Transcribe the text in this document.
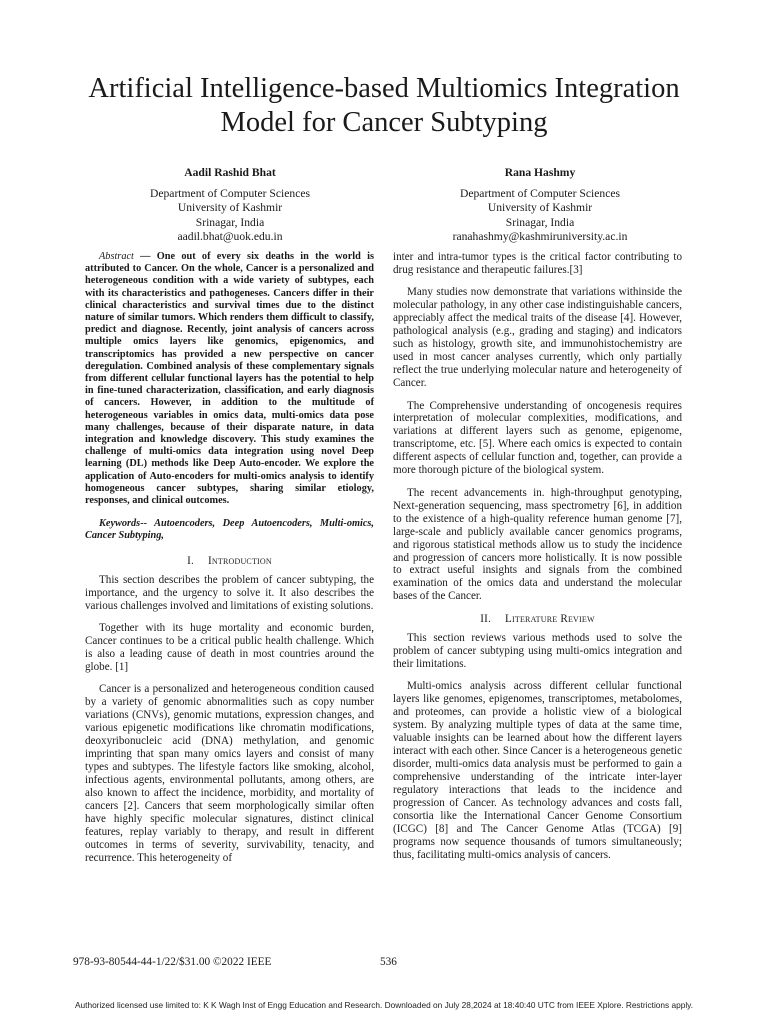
Artificial Intelligence-based Multiomics Integration
Model for Cancer Subtyping
Aadil Rashid Bhat
Department of Computer Sciences
University of Kashmir
Srinagar, India
aadil.bhat@uok.edu.in
Rana Hashmy
Department of Computer Sciences
University of Kashmir
Srinagar, India
ranahashmy@kashmiruniversity.ac.in

Abstract — One out of every six deaths in the world is attributed to Cancer. On the whole, Cancer is a personalized and heterogeneous condition with a wide variety of subtypes, each with its characteristics and pathogeneses. Cancers differ in their clinical characteristics and survival times due to the distinct nature of similar tumors. Which renders them difficult to classify, predict and diagnose. Recently, joint analysis of cancers across multiple omics layers like genomics, epigenomics, and transcriptomics has provided a new perspective on cancer deregulation. Combined analysis of these complementary signals from different cellular functional layers has the potential to help in fine-tuned characterization, classification, and early diagnosis of cancers. However, in addition to the multitude of heterogeneous variables in omics data, multi-omics data pose many challenges, because of their disparate nature, in data integration and knowledge discovery. This study examines the challenge of multi-omics data integration using novel Deep learning (DL) methods like Deep Auto-encoder. We explore the application of Auto-encoders for multi-omics analysis to identify homogeneous cancer subtypes, sharing similar etiology, responses, and clinical outcomes.

Keywords-- Autoencoders, Deep Autoencoders, Multi-omics, Cancer Subtyping,

I. Introduction

This section describes the problem of cancer subtyping, the importance, and the urgency to solve it. It also describes the various challenges involved and limitations of existing solutions.

Together with its huge mortality and economic burden, Cancer continues to be a critical public health challenge. Which is also a leading cause of death in most countries around the globe. [1]

Cancer is a personalized and heterogeneous condition caused by a variety of genomic abnormalities such as copy number variations (CNVs), genomic mutations, expression changes, and various epigenetic modifications like chromatin modifications, deoxyribonucleic acid (DNA) methylation, and genomic imprinting that span many omics layers and consist of many types and subtypes. The lifestyle factors like smoking, alcohol, infectious agents, environmental pollutants, among others, are also known to affect the incidence, morbidity, and mortality of cancers [2]. Cancers that seem morphologically similar often have highly specific molecular signatures, distinct clinical features, replay variably to therapy, and result in different outcomes in terms of severity, survivability, tenacity, and recurrence. This heterogeneity of

inter and intra-tumor types is the critical factor contributing to drug resistance and therapeutic failures.[3]

Many studies now demonstrate that variations withinside the molecular pathology, in any other case indistinguishable cancers, appreciably affect the medical traits of the disease [4]. However, pathological analysis (e.g., grading and staging) and indicators such as histology, growth site, and immunohistochemistry are used in most cancer analyses currently, which only partially reflect the true underlying molecular nature and heterogeneity of Cancer.

The Comprehensive understanding of oncogenesis requires interpretation of molecular complexities, modifications, and variations at different layers such as genome, epigenome, transcriptome, etc. [5]. Where each omics is expected to contain different aspects of cellular function and, together, can provide a more thorough picture of the biological system.

The recent advancements in. high-throughput genotyping, Next-generation sequencing, mass spectrometry [6], in addition to the existence of a high-quality reference human genome [7], large-scale and publicly available cancer genomics programs, and rigorous statistical methods allow us to study the incidence and progression of cancers more holistically. It is now possible to extract useful insights and signals from the combined examination of the omics data and understand the molecular bases of the Cancer.

II. Literature Review

This section reviews various methods used to solve the problem of cancer subtyping using multi-omics integration and their limitations.

Multi-omics analysis across different cellular functional layers like genomes, epigenomes, transcriptomes, metabolomes, and proteomes, can provide a holistic view of a biological system. By analyzing multiple types of data at the same time, valuable insights can be learned about how the different layers interact with each other. Since Cancer is a heterogeneous genetic disorder, multi-omics data analysis must be performed to gain a comprehensive understanding of the intricate inter-layer regulatory interactions that leads to the incidence and progression of Cancer. As technology advances and costs fall, consortia like the International Cancer Genome Consortium (ICGC) [8] and The Cancer Genome Atlas (TCGA) [9] programs now sequence thousands of tumors simultaneously; thus, facilitating multi-omics analysis of cancers.

978-93-80544-44-1/22/$31.00 ©2022 IEEE	536
Authorized licensed use limited to: K K Wagh Inst of Engg Education and Research. Downloaded on July 28,2024 at 18:40:40 UTC from IEEE Xplore. Restrictions apply.
